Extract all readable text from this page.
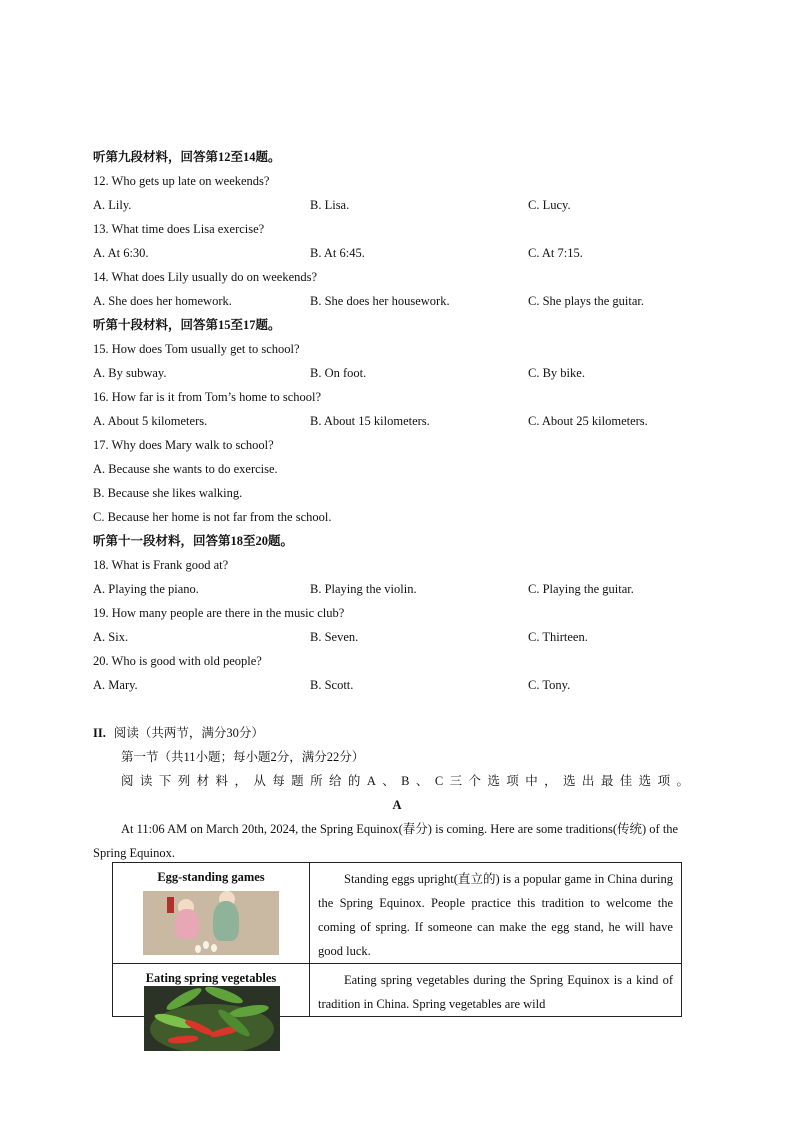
听第九段材料，回答第12至14题。
12. Who gets up late on weekends?
A. Lily.	B. Lisa.	C. Lucy.
13. What time does Lisa exercise?
A. At 6:30.	B. At 6:45.	C. At 7:15.
14. What does Lily usually do on weekends?
A. She does her homework.	B. She does her housework.	C. She plays the guitar.
听第十段材料，回答第15至17题。
15. How does Tom usually get to school?
A. By subway.	B. On foot.	C. By bike.
16. How far is it from Tom’s home to school?
A. About 5 kilometers.	B. About 15 kilometers.	C. About 25 kilometers.
17. Why does Mary walk to school?
A. Because she wants to do exercise.
B. Because she likes walking.
C. Because her home is not far from the school.
听第十一段材料，回答第18至20题。
18. What is Frank good at?
A. Playing the piano.	B. Playing the violin.	C. Playing the guitar.
19. How many people are there in the music club?
A. Six.	B. Seven.	C. Thirteen.
20. Who is good with old people?
A. Mary.	B. Scott.	C. Tony.
II. 阅读（共两节，满分30分）
第一节（共11小题；每小题2分，满分22分）
阅读下列材料，从每题所给的A、B、C三个选项中，选出最佳选项。
A
At 11:06 AM on March 20th, 2024, the Spring Equinox(春分) is coming. Here are some traditions(传统) of the Spring Equinox.
Egg-standing games	Standing eggs upright(直立的) is a popular game in China during the Spring Equinox. People practice this tradition to welcome the coming of spring. If someone can make the egg stand, he will have good luck.

Eating spring vegetables	Eating spring vegetables during the Spring Equinox is a kind of tradition in China. Spring vegetables are wild
